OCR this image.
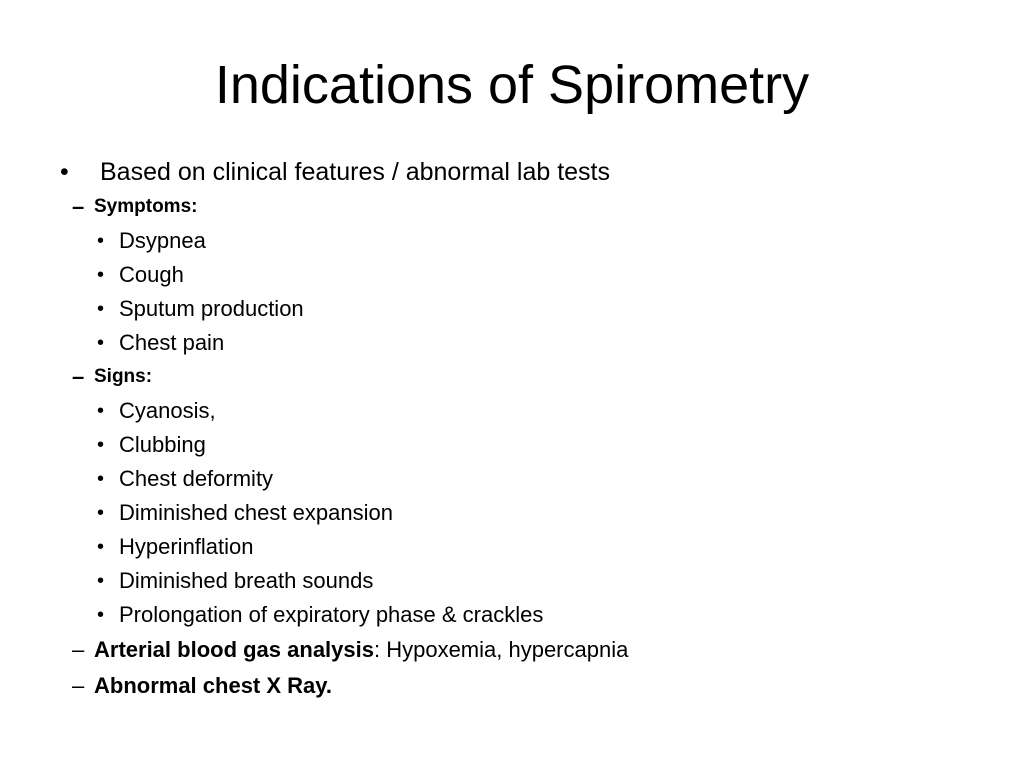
Indications of Spirometry
•	Based on clinical features / abnormal lab tests
– Symptoms:
• Dsypnea
• Cough
• Sputum production
• Chest pain
– Signs:
• Cyanosis,
• Clubbing
• Chest deformity
• Diminished chest expansion
• Hyperinflation
• Diminished breath sounds
• Prolongation of expiratory phase & crackles
– Arterial blood gas analysis: Hypoxemia, hypercapnia
– Abnormal chest X Ray.
